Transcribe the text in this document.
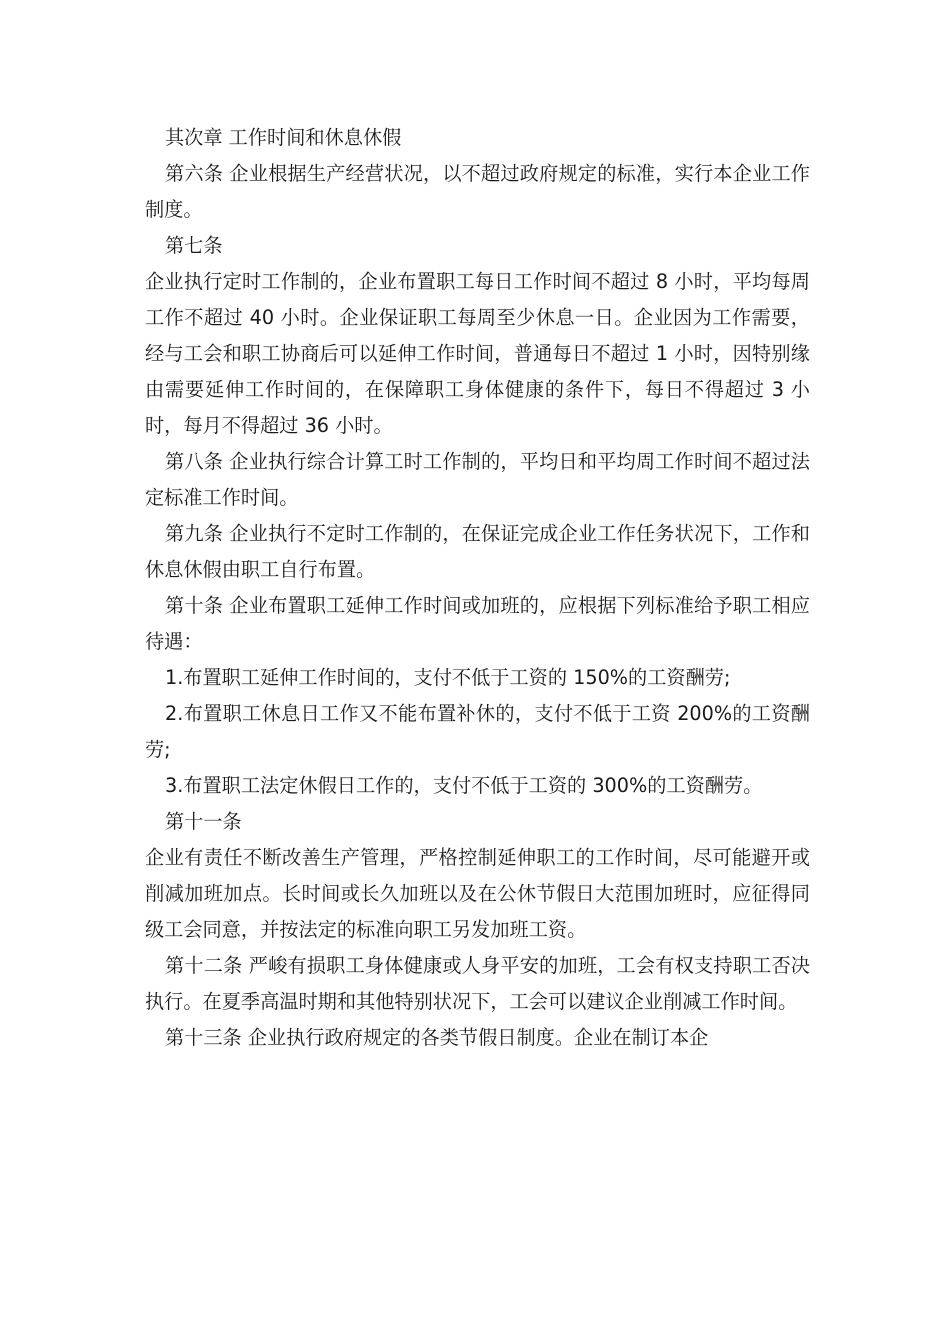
其次章 工作时间和休息休假

第六条 企业根据生产经营状况，以不超过政府规定的标准，实行本企业工作制度。

第七条

企业执行定时工作制的，企业布置职工每日工作时间不超过 8 小时，平均每周工作不超过 40 小时。企业保证职工每周至少休息一日。企业因为工作需要，经与工会和职工协商后可以延伸工作时间，普通每日不超过 1 小时，因特别缘由需要延伸工作时间的，在保障职工身体健康的条件下，每日不得超过 3 小时，每月不得超过 36 小时。

第八条 企业执行综合计算工时工作制的，平均日和平均周工作时间不超过法定标准工作时间。

第九条 企业执行不定时工作制的，在保证完成企业工作任务状况下，工作和休息休假由职工自行布置。

第十条 企业布置职工延伸工作时间或加班的，应根据下列标准给予职工相应待遇：

1.布置职工延伸工作时间的，支付不低于工资的 150%的工资酬劳;

2.布置职工休息日工作又不能布置补休的，支付不低于工资 200%的工资酬劳;

3.布置职工法定休假日工作的，支付不低于工资的 300%的工资酬劳。

第十一条

企业有责任不断改善生产管理，严格控制延伸职工的工作时间，尽可能避开或削减加班加点。长时间或长久加班以及在公休节假日大范围加班时，应征得同级工会同意，并按法定的标准向职工另发加班工资。

第十二条 严峻有损职工身体健康或人身平安的加班，工会有权支持职工否决执行。在夏季高温时期和其他特别状况下，工会可以建议企业削减工作时间。

第十三条 企业执行政府规定的各类节假日制度。企业在制订本企
